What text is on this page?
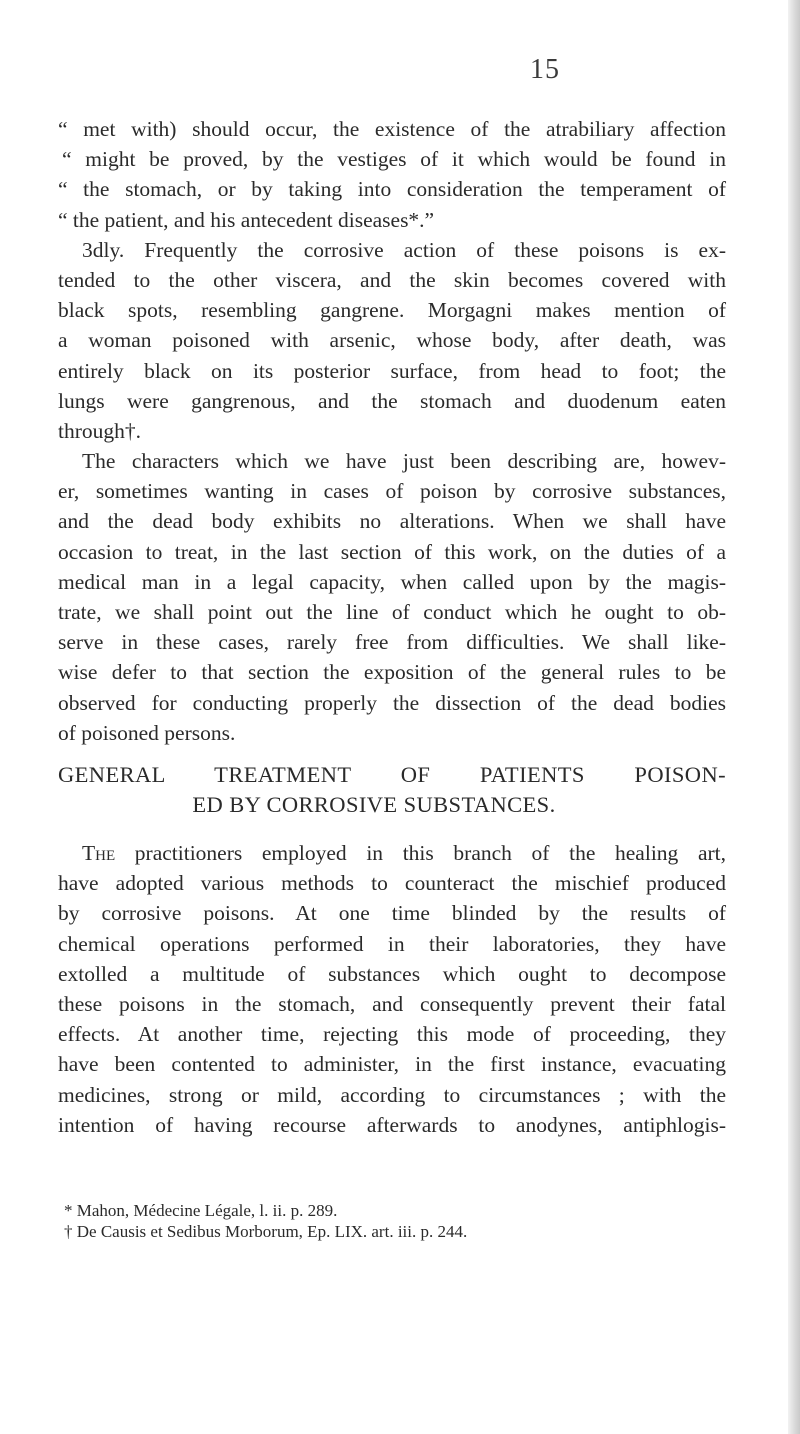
15
“ met with) should occur, the existence of the atrabiliary affection
“ might be proved, by the vestiges of it which would be found in
“ the stomach, or by taking into consideration the temperament of
“ the patient, and his antecedent diseases*.”
3dly. Frequently the corrosive action of these poisons is ex-
tended to the other viscera, and the skin becomes covered with
black spots, resembling gangrene. Morgagni makes mention of
a woman poisoned with arsenic, whose body, after death, was
entirely black on its posterior surface, from head to foot; the
lungs were gangrenous, and the stomach and duodenum eaten
through†.
The characters which we have just been describing are, howev-
er, sometimes wanting in cases of poison by corrosive substances,
and the dead body exhibits no alterations. When we shall have
occasion to treat, in the last section of this work, on the duties of a
medical man in a legal capacity, when called upon by the magis-
trate, we shall point out the line of conduct which he ought to ob-
serve in these cases, rarely free from difficulties. We shall like-
wise defer to that section the exposition of the general rules to be
observed for conducting properly the dissection of the dead bodies
of poisoned persons.
GENERAL TREATMENT OF PATIENTS POISON-
ED BY CORROSIVE SUBSTANCES.
The practitioners employed in this branch of the healing art,
have adopted various methods to counteract the mischief produced
by corrosive poisons. At one time blinded by the results of
chemical operations performed in their laboratories, they have
extolled a multitude of substances which ought to decompose
these poisons in the stomach, and consequently prevent their fatal
effects. At another time, rejecting this mode of proceeding, they
have been contented to administer, in the first instance, evacuating
medicines, strong or mild, according to circumstances ; with the
intention of having recourse afterwards to anodynes, antiphlogis-
* Mahon, Médecine Légale, l. ii. p. 289.
† De Causis et Sedibus Morborum, Ep. LIX. art. iii. p. 244.
